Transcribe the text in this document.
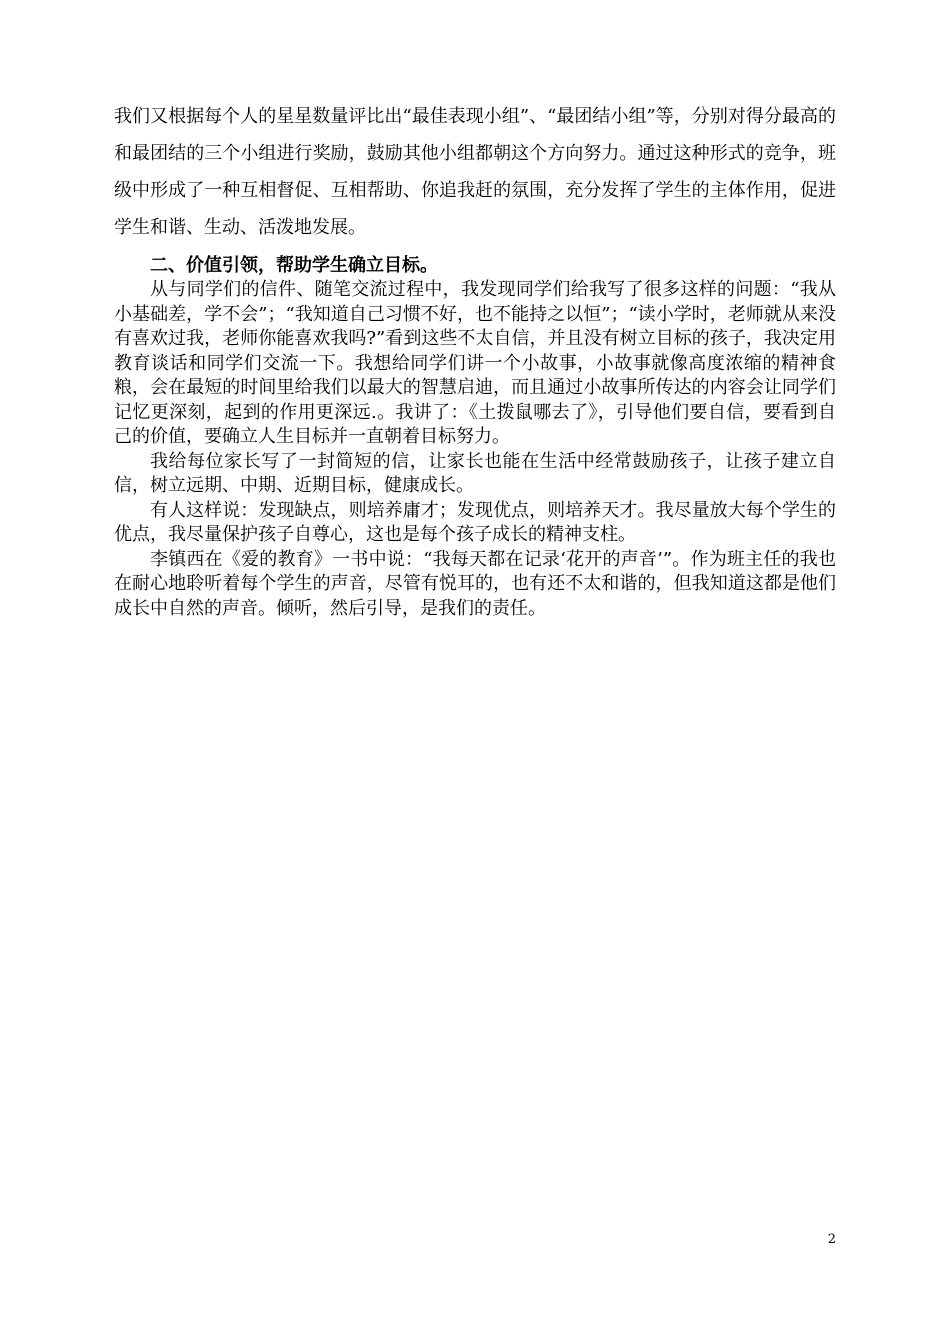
我们又根据每个人的星星数量评比出“最佳表现小组”、“最团结小组”等，分别对得分最高的和最团结的三个小组进行奖励，鼓励其他小组都朝这个方向努力。通过这种形式的竞争，班级中形成了一种互相督促、互相帮助、你追我赶的氛围，充分发挥了学生的主体作用，促进学生和谐、生动、活泼地发展。

二、价值引领，帮助学生确立目标。

从与同学们的信件、随笔交流过程中，我发现同学们给我写了很多这样的问题：“我从小基础差，学不会”；“我知道自己习惯不好，也不能持之以恒”；“读小学时，老师就从来没有喜欢过我，老师你能喜欢我吗?”看到这些不太自信，并且没有树立目标的孩子，我决定用教育谈话和同学们交流一下。我想给同学们讲一个小故事，小故事就像高度浓缩的精神食粮，会在最短的时间里给我们以最大的智慧启迪，而且通过小故事所传达的内容会让同学们记忆更深刻，起到的作用更深远.。我讲了：《土拨鼠哪去了》，引导他们要自信，要看到自己的价值，要确立人生目标并一直朝着目标努力。

我给每位家长写了一封简短的信，让家长也能在生活中经常鼓励孩子，让孩子建立自信，树立远期、中期、近期目标，健康成长。

有人这样说：发现缺点，则培养庸才；发现优点，则培养天才。我尽量放大每个学生的优点，我尽量保护孩子自尊心，这也是每个孩子成长的精神支柱。

李镇西在《爱的教育》一书中说：“我每天都在记录‘花开的声音’”。作为班主任的我也在耐心地聆听着每个学生的声音，尽管有悦耳的，也有还不太和谐的，但我知道这都是他们成长中自然的声音。倾听，然后引导，是我们的责任。

2
